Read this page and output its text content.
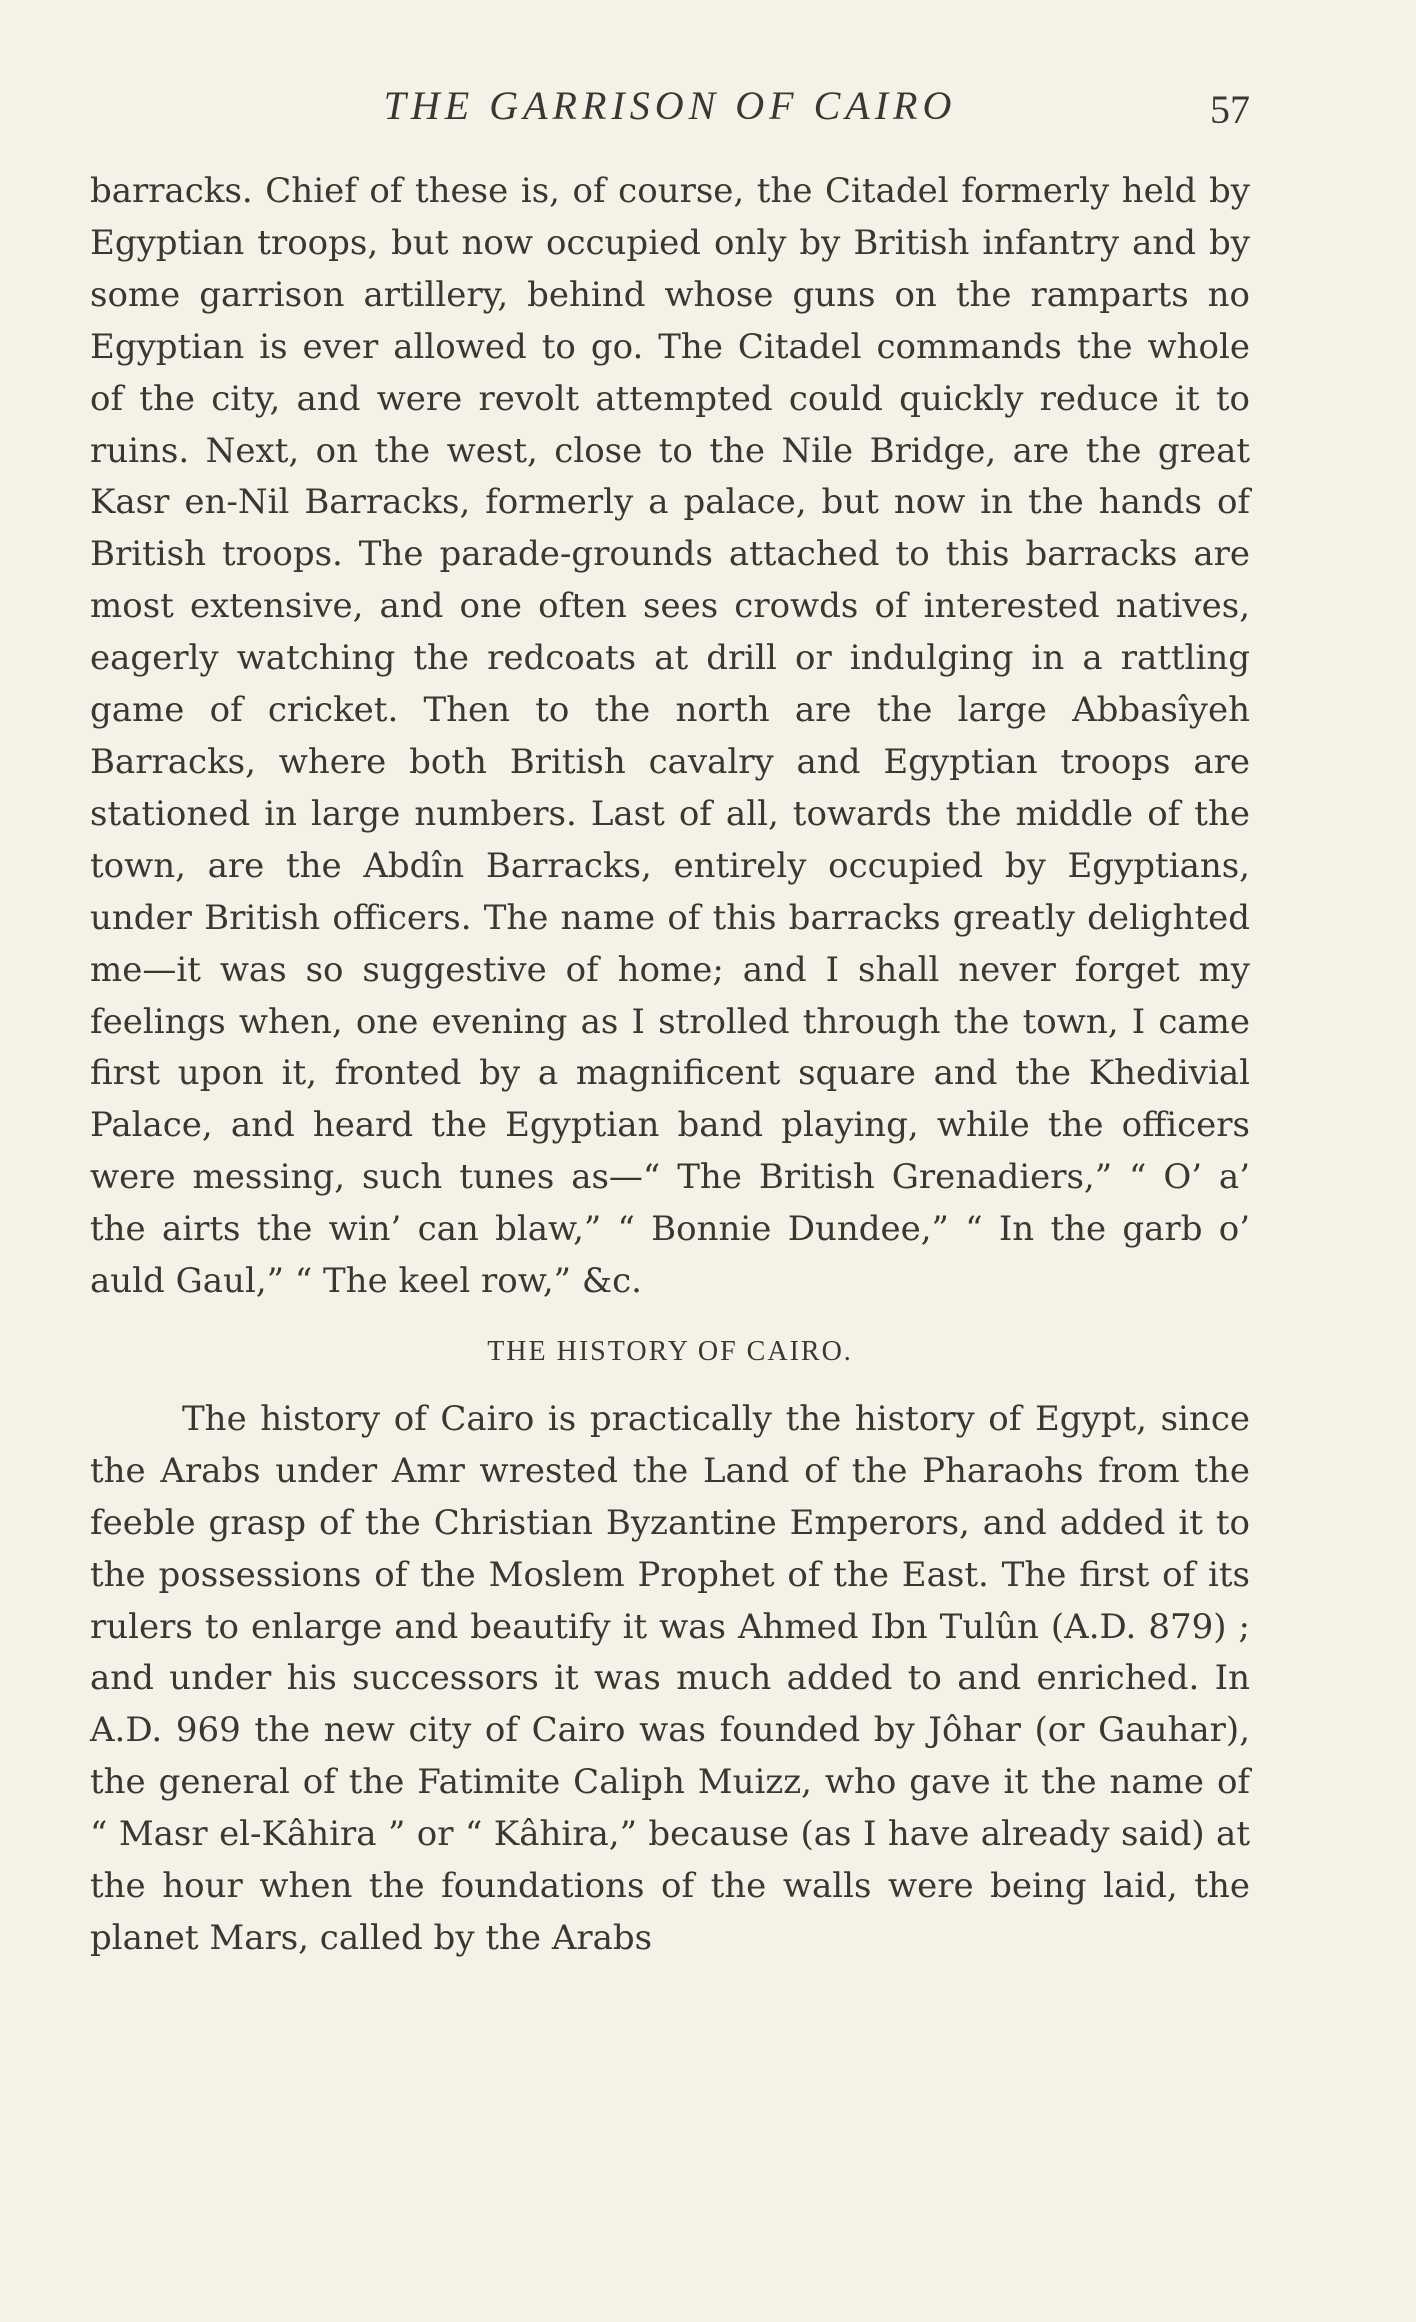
THE GARRISON OF CAIRO	57

barracks. Chief of these is, of course, the Citadel formerly held by Egyptian troops, but now occupied only by British infantry and by some garrison artillery, behind whose guns on the ramparts no Egyptian is ever allowed to go. The Citadel commands the whole of the city, and were revolt attempted could quickly reduce it to ruins. Next, on the west, close to the Nile Bridge, are the great Kasr en-Nil Barracks, formerly a palace, but now in the hands of British troops. The parade-grounds attached to this barracks are most extensive, and one often sees crowds of interested natives, eagerly watching the redcoats at drill or indulging in a rattling game of cricket. Then to the north are the large Abbasîyeh Barracks, where both British cavalry and Egyptian troops are stationed in large numbers. Last of all, towards the middle of the town, are the Abdîn Barracks, entirely occupied by Egyptians, under British officers. The name of this barracks greatly delighted me—it was so suggestive of home; and I shall never forget my feelings when, one evening as I strolled through the town, I came first upon it, fronted by a magnificent square and the Khedivial Palace, and heard the Egyptian band playing, while the officers were messing, such tunes as—“ The British Grenadiers,” “ O’ a’ the airts the win’ can blaw,” “ Bonnie Dundee,” “ In the garb o’ auld Gaul,” “ The keel row,” &c.

THE HISTORY OF CAIRO.

The history of Cairo is practically the history of Egypt, since the Arabs under Amr wrested the Land of the Pharaohs from the feeble grasp of the Christian Byzantine Emperors, and added it to the possessions of the Moslem Prophet of the East. The first of its rulers to enlarge and beautify it was Ahmed Ibn Tulûn (A.D. 879) ; and under his successors it was much added to and enriched. In A.D. 969 the new city of Cairo was founded by Jôhar (or Gauhar), the general of the Fatimite Caliph Muizz, who gave it the name of “ Masr el-Kâhira ” or “ Kâhira,” because (as I have already said) at the hour when the foundations of the walls were being laid, the planet Mars, called by the Arabs
